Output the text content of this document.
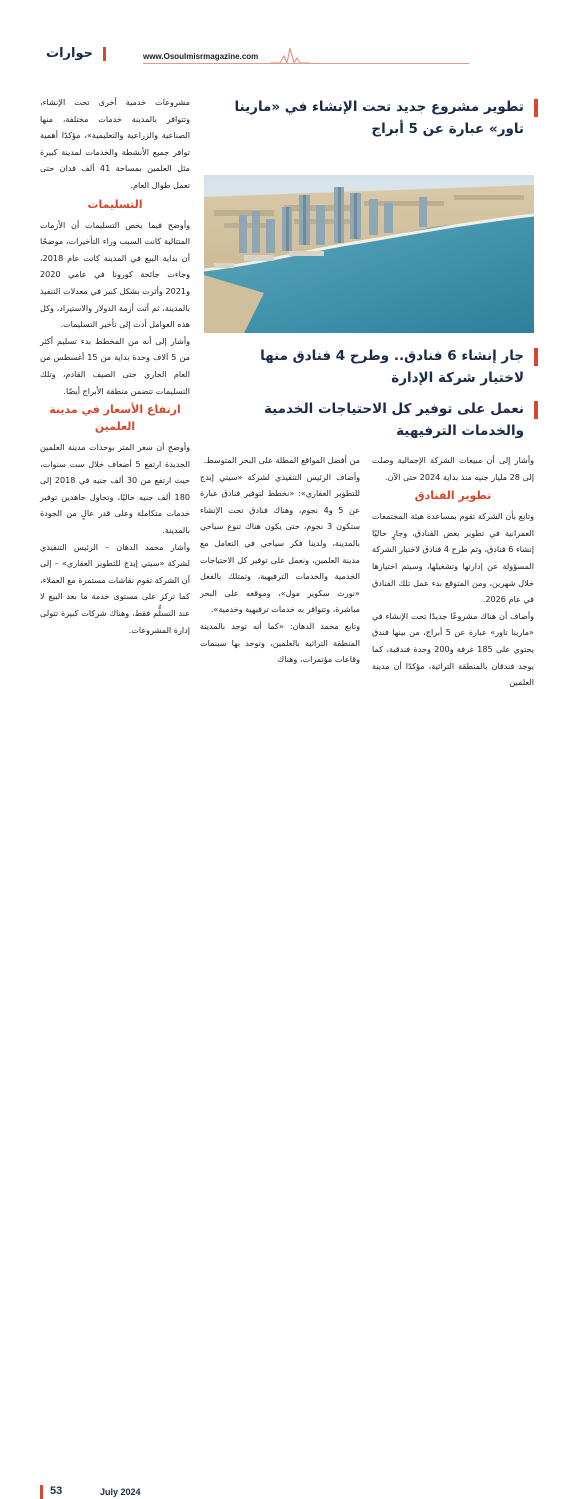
حوارات	www.Osoulmisrmagazine.com
تطوير مشروع جديد تحت الإنشاء في «مارينا تاور» عبارة عن 5 أبراج
جار إنشاء 6 فنادق.. وطرح 4 فنادق منها لاختيار شركة الإدارة
نعمل على توفير كل الاحتياجات الخدمية والخدمات الترفيهية

وأشار إلى أن مبيعات الشركة الإجمالية وصلت إلى 28 مليار جنيه منذ بداية 2024 حتى الآن.

تطوير الفنادق

وتابع بأن الشركة تقوم بمساعدة هيئة المجتمعات العمرانية في تطوير بعض الفنادق، وجارٍ حاليًا إنشاء 6 فنادق، وتم طرح 4 فنادق لاختيار الشركة المسؤولة عن إدارتها وتشغيلها، وسيتم اختيارها خلال شهرين، ومن المتوقع بدء عمل تلك الفنادق في عام 2026.

وأضاف أن هناك مشروعًا جديدًا تحت الإنشاء في «مارينا تاور» عبارة عن 5 أبراج، من بينها فندق يحتوي على 185 غرفة و200 وحدة فندقية، كما يوجد فندقان بالمنطقة التراثية، مؤكدًا أن مدينة العلمين

من أفضل المواقع المطلة على البحر المتوسط.

وأضاف الرئيس التنفيذي لشركة «سيتي إيدج للتطوير العقاري»: «نخطط لتوفير فنادق عبارة عن 5 و4 نجوم، وهناك فنادق تحت الإنشاء ستكون 3 نجوم، حتى يكون هناك تنوع سياحي بالمدينة، ولدينا فكر سياحي في التعامل مع مدينة العلمين، ونعمل على توفير كل الاحتياجات الخدمية والخدمات الترفيهية، وتمتلك بالفعل «نورث سكوير مول»، وموقعه على البحر مباشرة، وتتوافر به خدمات ترفيهية وخدمية».

وتابع محمد الدهان: «كما أنه توجد بالمدينة المنطقة التراثية بالعلمين، وتوجد بها سينمات وقاعات مؤتمرات، وهناك

مشروعات خدمية أخرى تحت الإنشاء، وتتوافر بالمدينة خدمات مختلفة، منها الصناعية والزراعية والتعليمية»، مؤكدًا أهمية توافر جميع الأنشطة والخدمات لمدينة كبيرة مثل العلمين بمساحة 41 ألف فدان حتى تعمل طوال العام.

التسليمات

وأوضح فيما يخص التسليمات أن الأزمات المتتالية كانت السبب وراء التأخيرات، موضحًا أن بداية البيع في المدينة كانت عام 2018، وجاءت جائحة كورونا في عامي 2020 و2021 وأثرت بشكل كبير في معدلات التنفيذ بالمدينة، ثم أتت أزمة الدولار والاستيراد، وكل هذه العوامل أدت إلى تأخير التسليمات.

وأشار إلى أنه من المخطط بدء تسليم أكثر من 5 آلاف وحدة بداية من 15 أغسطس من العام الجاري حتى الصيف القادم، وتلك التسليمات تتضمن منطقة الأبراج أيضًا.

ارتفاع الأسعار في مدينة العلمين

وأوضح أن سعر المتر بوحدات مدينة العلمين الجديدة ارتفع 5 أضعاف خلال ست سنوات، حيث ارتفع من 30 ألف جنيه في 2018 إلى 180 ألف جنيه حاليًا، وتحاول جاهدين توفير خدمات متكاملة وعلى قدر عالٍ من الجودة بالمدينة.

وأشار محمد الدهان – الرئيس التنفيذي لشركة «سيتي إيدج للتطوير العقاري» – إلى أن الشركة تقوم نقاشات مستمرة مع العملاء، كما تركز على مستوى خدمة ما بعد البيع لا عند التسلُّم فقط، وهناك شركات كبيرة تتولى إدارة المشروعات.

53	July 2024
